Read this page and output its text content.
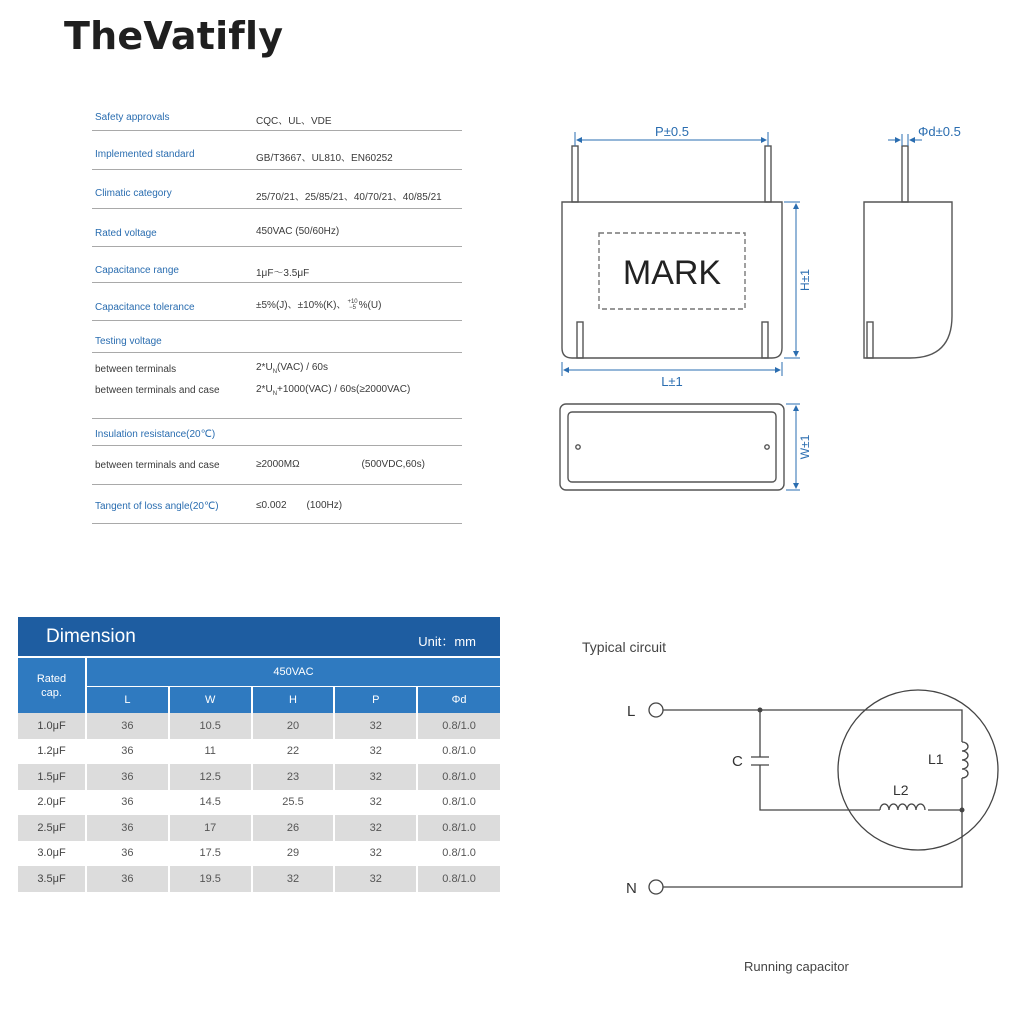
TheVatifly
Safety approvals	CQC、UL、VDE
Implemented standard	GB/T3667、UL810、EN60252
Climatic category	25/70/21、25/85/21、40/70/21、40/85/21
Rated voltage	450VAC (50/60Hz)
Capacitance range	1μF～3.5μF
Capacitance tolerance	±5%(J)、±10%(K)、+10
−5 %(U)
Testing voltage
between terminals	$2*U_N(VAC) / 60s$
between terminals and case	$2*U_N+1000(VAC) / 60s(\ge 2000VAC)$
Insulation resistance(20℃)
between terminals and case	≥2000MΩ	(500VDC,60s)
Tangent of loss angle(20℃)	≤0.002 (100Hz)
MARK
P±0.5
H±1
L±1
Φd±0.5
W±1
Typical circuit
L
N
C	L1
L2
Running capacitor
Dimension	Unit：mm
Rated
cap.	450VAC				
	L	W	H	P	Φd
1.0μF	36	10.5	20	32	0.8/1.0
1.2μF	36	11	22	32	0.8/1.0
1.5μF	36	12.5	23	32	0.8/1.0
2.0μF	36	14.5	25.5	32	0.8/1.0
2.5μF	36	17	26	32	0.8/1.0
3.0μF	36	17.5	29	32	0.8/1.0
3.5μF	36	19.5	32	32	0.8/1.0
